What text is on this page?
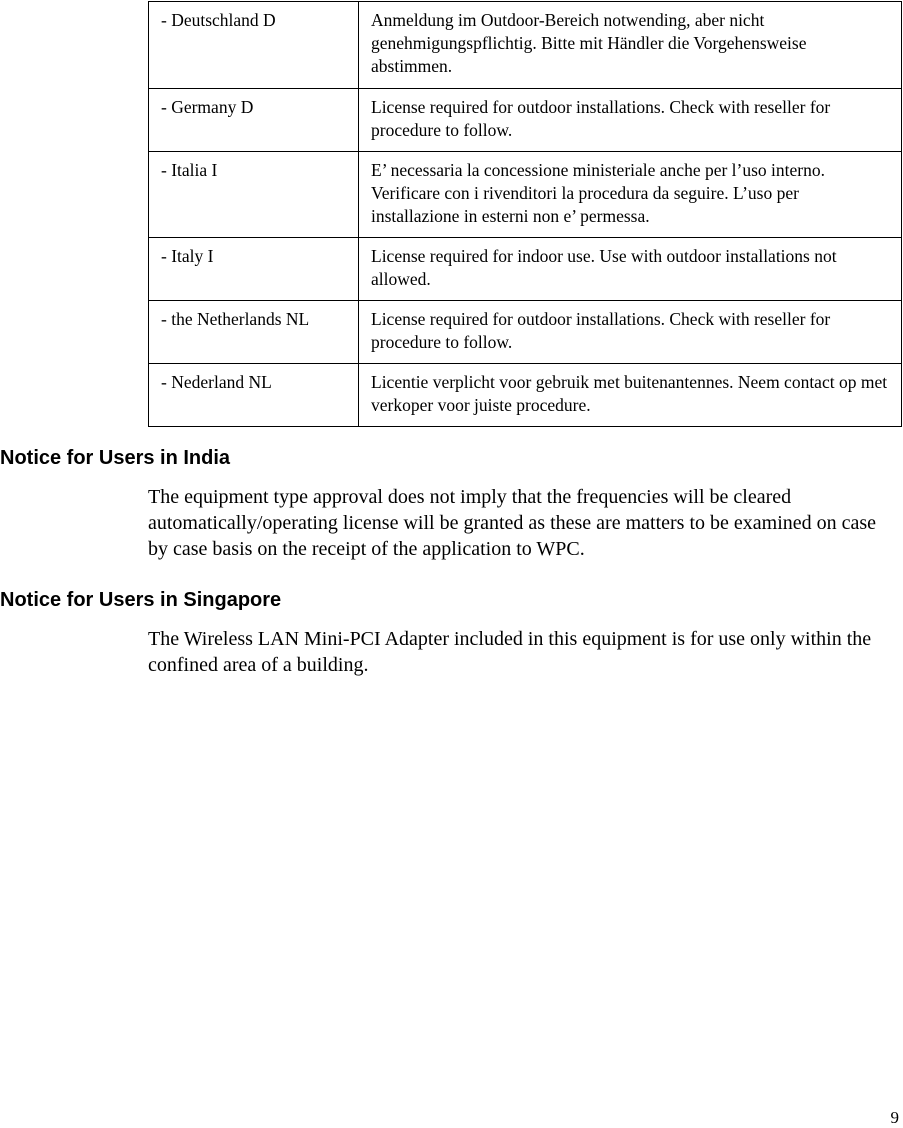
- Deutschland D	Anmeldung im Outdoor-Bereich notwending, aber nicht genehmigungspflichtig. Bitte mit Händler die Vorgehensweise abstimmen.
- Germany D	License required for outdoor installations. Check with reseller for procedure to follow.
- Italia I	E’ necessaria la concessione ministeriale anche per l’uso interno. Verificare con i rivenditori la procedura da seguire. L’uso per installazione in esterni non e’ permessa.
- Italy I	License required for indoor use. Use with outdoor installations not allowed.
- the Netherlands NL	License required for outdoor installations. Check with reseller for procedure to follow.
- Nederland NL	Licentie verplicht voor gebruik met buitenantennes. Neem contact op met verkoper voor juiste procedure.
Notice for Users in India

The equipment type approval does not imply that the frequencies will be cleared automatically/operating license will be granted as these are matters to be examined on case by case basis on the receipt of the application to WPC.

Notice for Users in Singapore

The Wireless LAN Mini-PCI Adapter included in this equipment is for use only within the confined area of a building.

9
